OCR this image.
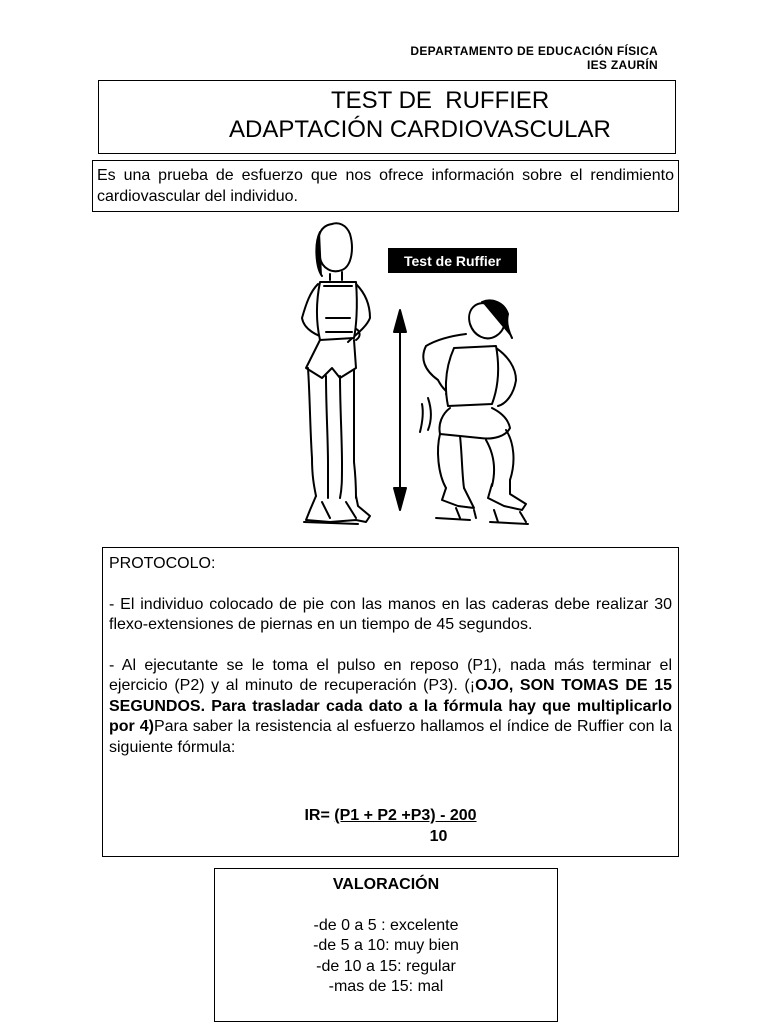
DEPARTAMENTO DE EDUCACIÓN FÍSICA
IES ZAURÍN
TEST DE  RUFFIER
ADAPTACIÓN CARDIOVASCULAR
Es una prueba de esfuerzo que nos ofrece información sobre el rendimiento cardiovascular del individuo.
Test de Ruffier

PROTOCOLO:

- El individuo colocado de pie con las manos en las caderas debe realizar 30 flexo-extensiones de piernas en un tiempo de 45 segundos.

- Al ejecutante se le toma el pulso en reposo (P1), nada más terminar el ejercicio (P2) y al minuto de recuperación (P3). (¡OJO, SON TOMAS DE 15 SEGUNDOS. Para trasladar cada dato a la fórmula hay que multiplicarlo por 4)Para saber la resistencia al esfuerzo hallamos el índice de Ruffier con la siguiente fórmula:

IR= (P1 + P2 +P3) - 200
10
VALORACIÓN
-de 0 a 5 : excelente
-de 5 a 10: muy bien
-de 10 a 15: regular
-mas de 15: mal
